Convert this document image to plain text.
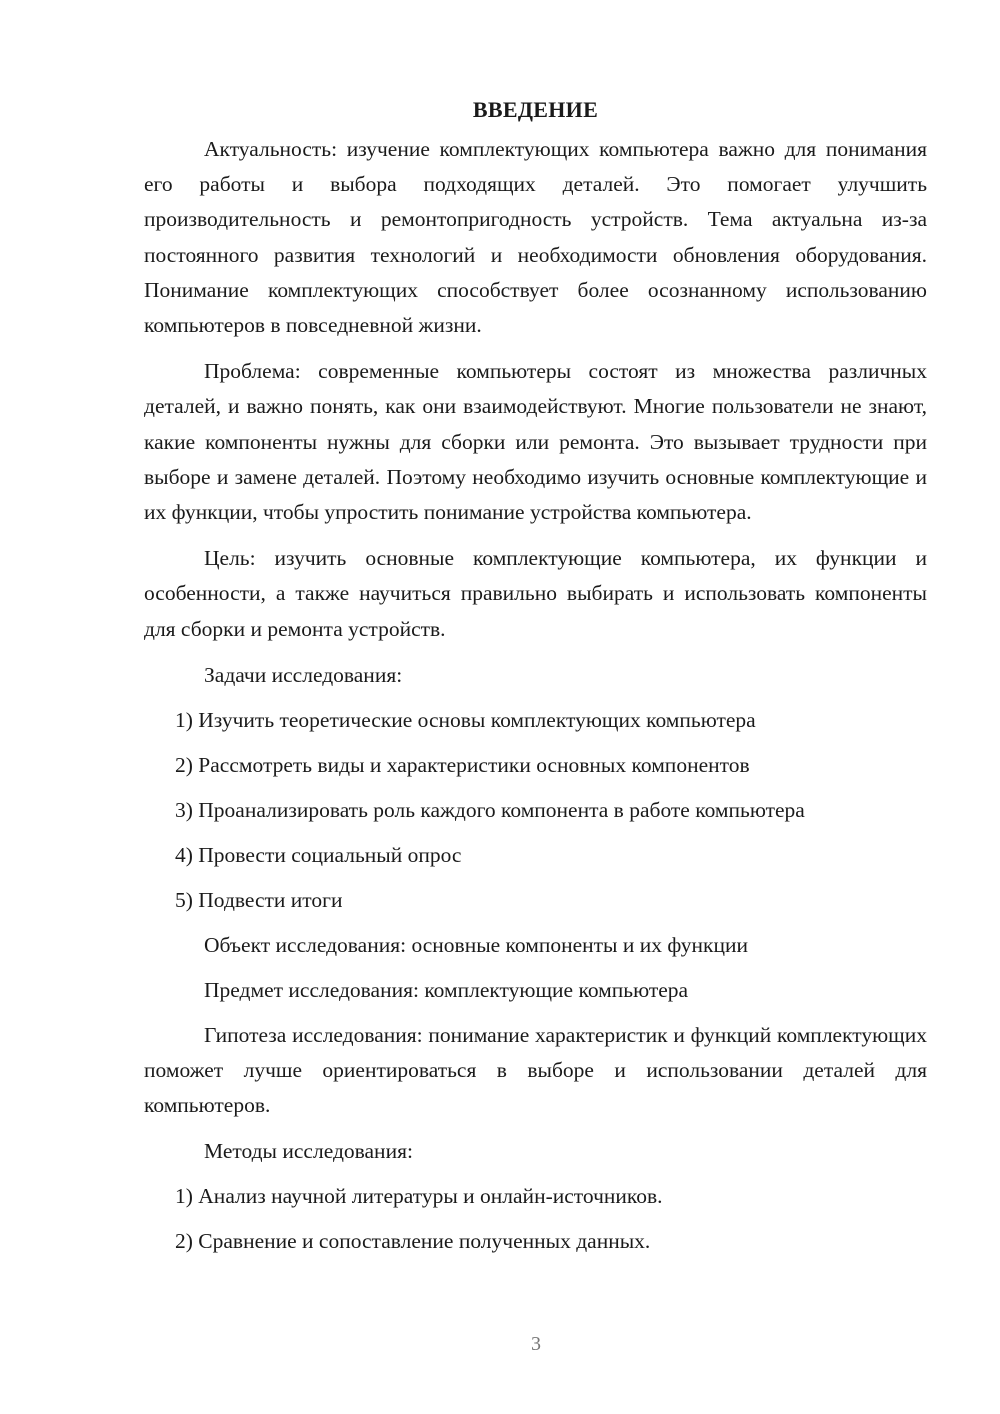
ВВЕДЕНИЕ

Актуальность: изучение комплектующих компьютера важно для понимания его работы и выбора подходящих деталей. Это помогает улучшить производительность и ремонтопригодность устройств. Тема актуальна из-за постоянного развития технологий и необходимости обновления оборудования. Понимание комплектующих способствует более осознанному использованию компьютеров в повседневной жизни.

Проблема: современные компьютеры состоят из множества различных деталей, и важно понять, как они взаимодействуют. Многие пользователи не знают, какие компоненты нужны для сборки или ремонта. Это вызывает трудности при выборе и замене деталей. Поэтому необходимо изучить основные комплектующие и их функции, чтобы упростить понимание устройства компьютера.

Цель: изучить основные комплектующие компьютера, их функции и особенности, а также научиться правильно выбирать и использовать компоненты для сборки и ремонта устройств.

Задачи исследования:

1) Изучить теоретические основы комплектующих компьютера
2) Рассмотреть виды и характеристики основных компонентов
3) Проанализировать роль каждого компонента в работе компьютера
4) Провести социальный опрос
5) Подвести итоги

Объект исследования: основные компоненты и их функции

Предмет исследования: комплектующие компьютера

Гипотеза исследования: понимание характеристик и функций комплектующих поможет лучше ориентироваться в выборе и использовании деталей для компьютеров.

Методы исследования:

1) Анализ научной литературы и онлайн-источников.
2) Сравнение и сопоставление полученных данных.
3
